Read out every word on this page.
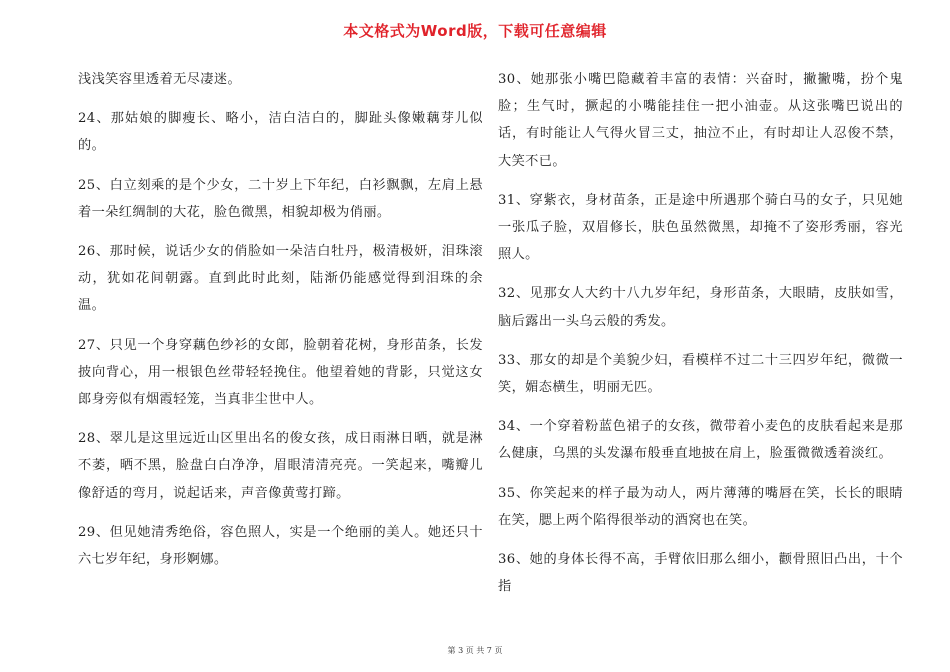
本文格式为Word版，下载可任意编辑

浅浅笑容里透着无尽凄迷。

24、那姑娘的脚瘦长、略小，洁白洁白的，脚趾头像嫩藕芽儿似的。

25、白立刻乘的是个少女，二十岁上下年纪，白衫飘飘，左肩上悬着一朵红绸制的大花，脸色微黑，相貌却极为俏丽。

26、那时候，说话少女的俏脸如一朵洁白牡丹，极清极妍，泪珠滚动，犹如花间朝露。直到此时此刻，陆渐仍能感觉得到泪珠的余温。

27、只见一个身穿藕色纱衫的女郎，脸朝着花树，身形苗条，长发披向背心，用一根银色丝带轻轻挽住。他望着她的背影，只觉这女郎身旁似有烟霞轻笼，当真非尘世中人。

28、翠儿是这里远近山区里出名的俊女孩，成日雨淋日晒，就是淋不萎，晒不黑，脸盘白白净净，眉眼清清亮亮。一笑起来，嘴瓣儿像舒适的弯月，说起话来，声音像黄莺打蹄。

29、但见她清秀绝俗，容色照人，实是一个绝丽的美人。她还只十六七岁年纪，身形婀娜。

30、她那张小嘴巴隐藏着丰富的表情：兴奋时，撇撇嘴，扮个鬼脸；生气时，撅起的小嘴能挂住一把小油壶。从这张嘴巴说出的话，有时能让人气得火冒三丈，抽泣不止，有时却让人忍俊不禁，大笑不已。

31、穿紫衣，身材苗条，正是途中所遇那个骑白马的女子，只见她一张瓜子脸，双眉修长，肤色虽然微黑，却掩不了姿形秀丽，容光照人。

32、见那女人大约十八九岁年纪，身形苗条，大眼睛，皮肤如雪，脑后露出一头乌云般的秀发。

33、那女的却是个美貌少妇，看模样不过二十三四岁年纪，微微一笑，媚态横生，明丽无匹。

34、一个穿着粉蓝色裙子的女孩，微带着小麦色的皮肤看起来是那么健康，乌黑的头发瀑布般垂直地披在肩上，脸蛋微微透着淡红。

35、你笑起来的样子最为动人，两片薄薄的嘴唇在笑，长长的眼睛在笑，腮上两个陷得很举动的酒窝也在笑。

36、她的身体长得不高，手臂依旧那么细小，颧骨照旧凸出，十个指

第 3 页 共 7 页
